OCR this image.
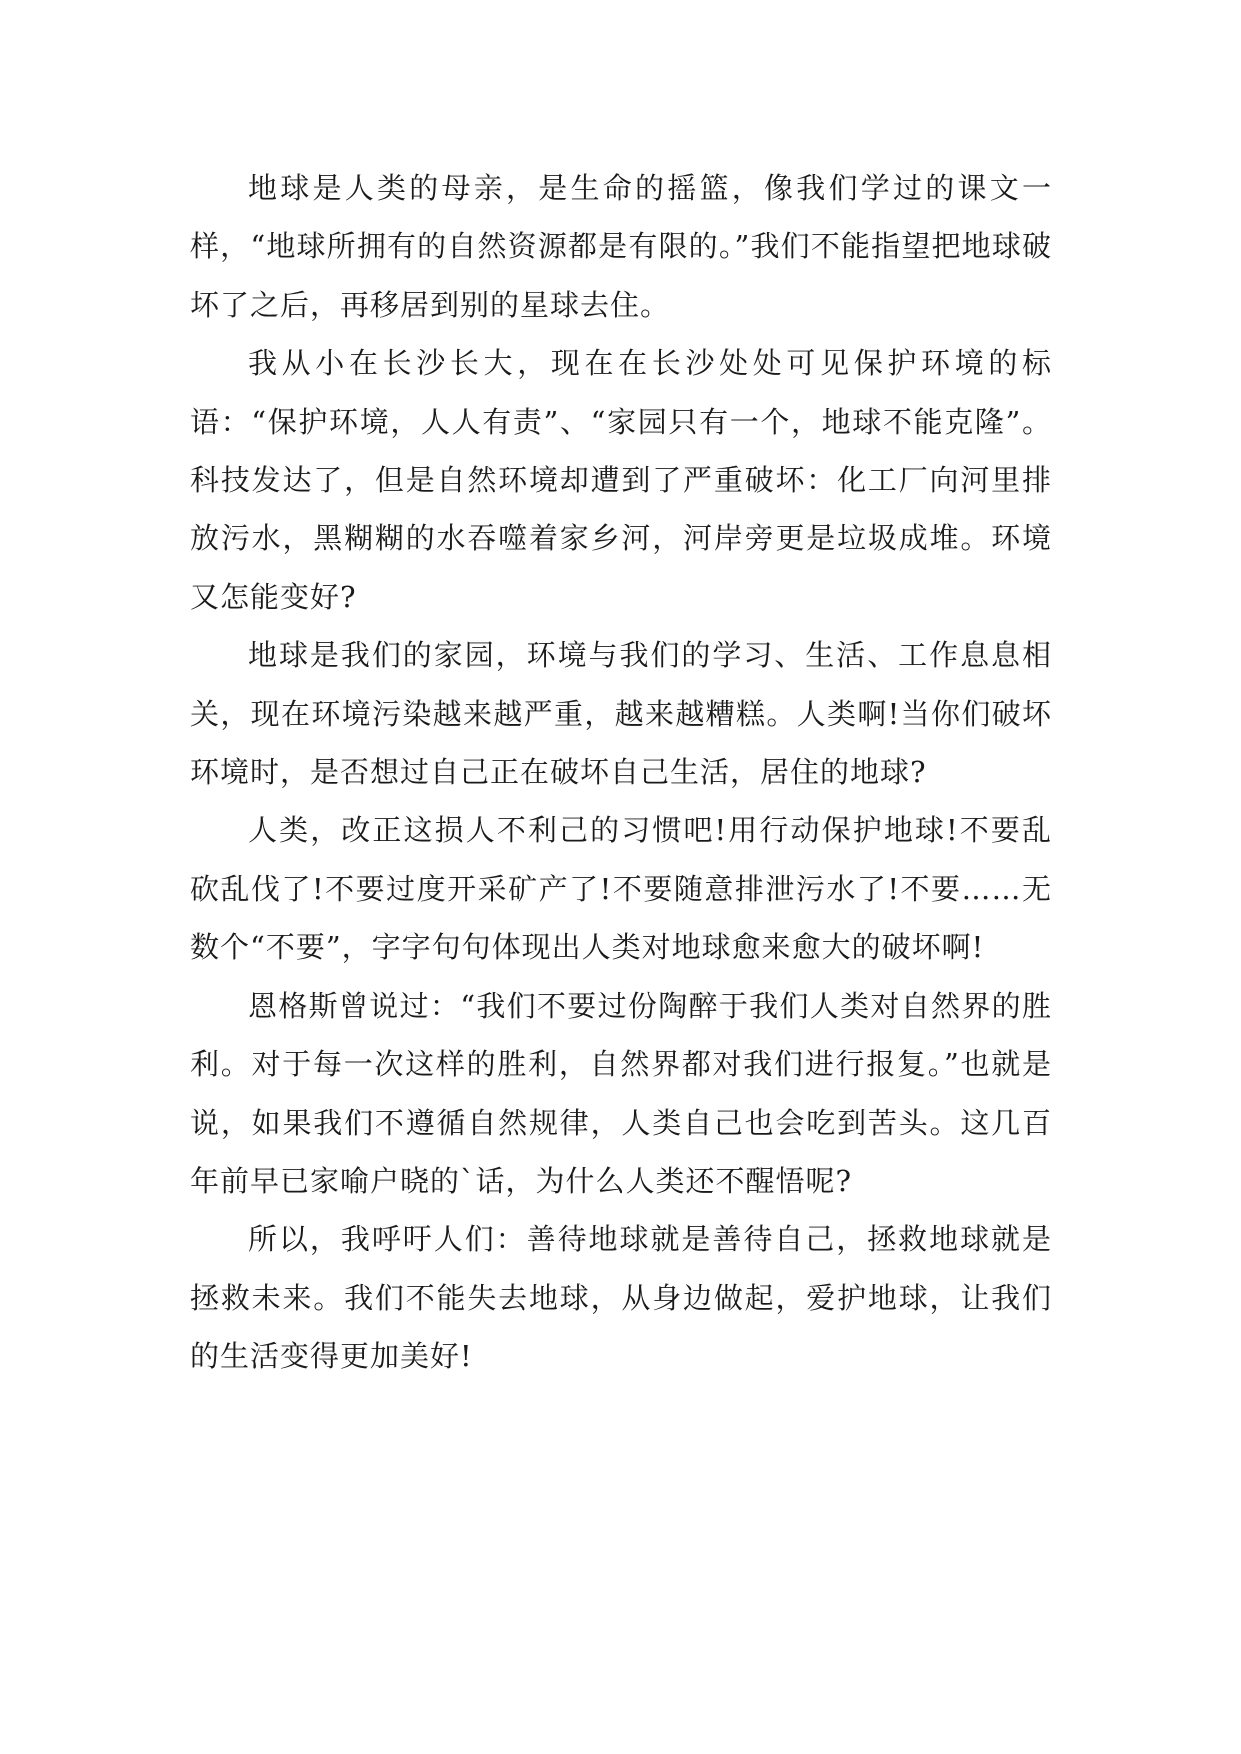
地球是人类的母亲，是生命的摇篮，像我们学过的课文一样，“地球所拥有的自然资源都是有限的。”我们不能指望把地球破坏了之后，再移居到别的星球去住。

我从小在长沙长大，现在在长沙处处可见保护环境的标语：“保护环境，人人有责”、“家园只有一个，地球不能克隆”。科技发达了，但是自然环境却遭到了严重破坏：化工厂向河里排放污水，黑糊糊的水吞噬着家乡河，河岸旁更是垃圾成堆。环境又怎能变好?

地球是我们的家园，环境与我们的学习、生活、工作息息相关，现在环境污染越来越严重，越来越糟糕。人类啊!当你们破坏环境时，是否想过自己正在破坏自己生活，居住的地球?

人类，改正这损人不利己的习惯吧!用行动保护地球!不要乱砍乱伐了!不要过度开采矿产了!不要随意排泄污水了!不要……无数个“不要”，字字句句体现出人类对地球愈来愈大的破坏啊!

恩格斯曾说过：“我们不要过份陶醉于我们人类对自然界的胜利。对于每一次这样的胜利，自然界都对我们进行报复。”也就是说，如果我们不遵循自然规律，人类自己也会吃到苦头。这几百年前早已家喻户晓的`话，为什么人类还不醒悟呢?

所以，我呼吁人们：善待地球就是善待自己，拯救地球就是拯救未来。我们不能失去地球，从身边做起，爱护地球，让我们的生活变得更加美好!
